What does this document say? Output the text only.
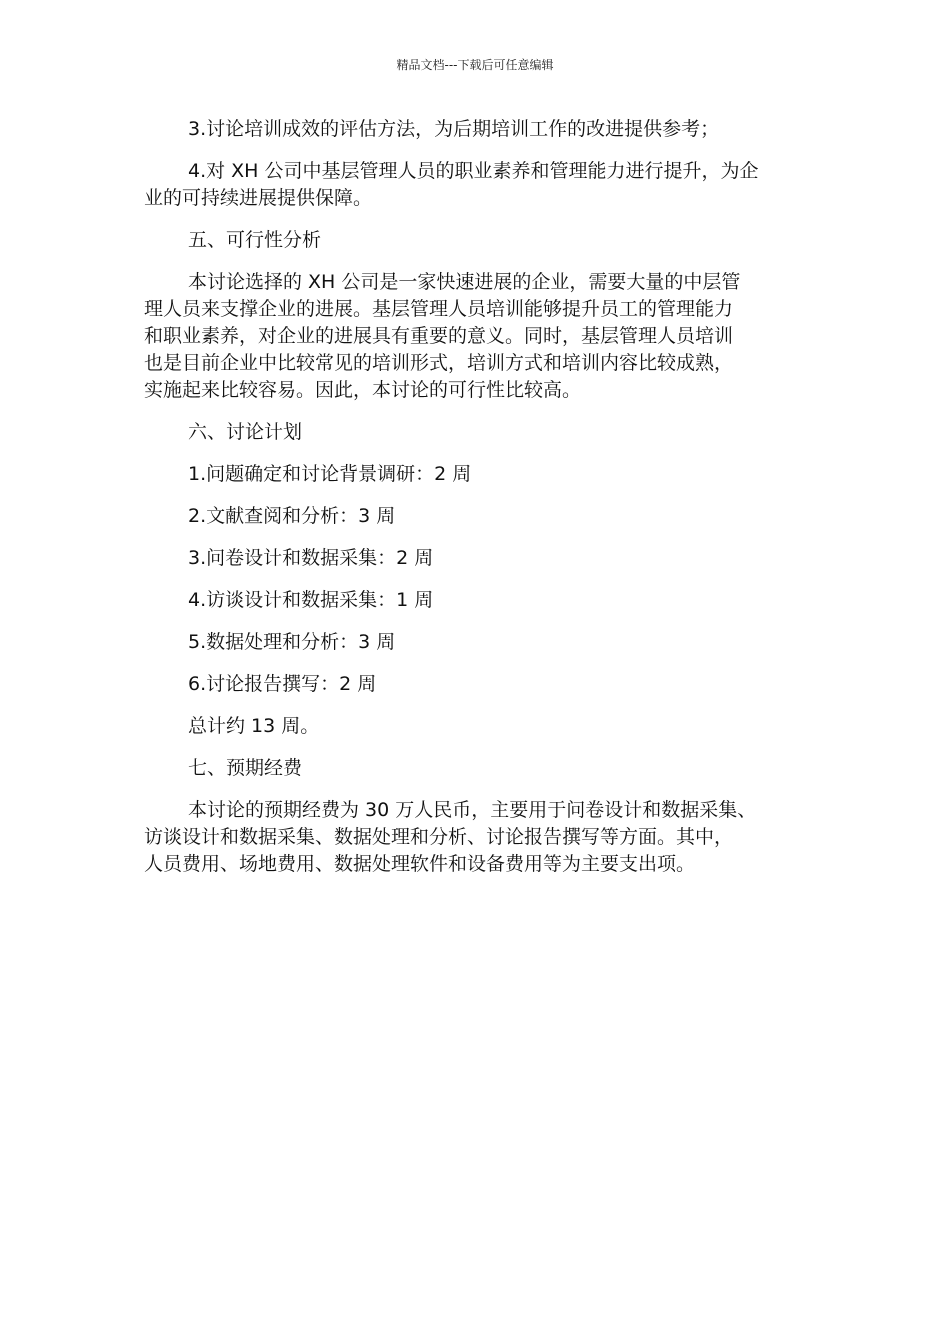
精品文档---下载后可任意编辑

3.讨论培训成效的评估方法，为后期培训工作的改进提供参考；

4.对 XH 公司中基层管理人员的职业素养和管理能力进行提升，为企
业的可持续进展提供保障。

五、可行性分析

本讨论选择的 XH 公司是一家快速进展的企业，需要大量的中层管
理人员来支撑企业的进展。基层管理人员培训能够提升员工的管理能力
和职业素养，对企业的进展具有重要的意义。同时，基层管理人员培训
也是目前企业中比较常见的培训形式，培训方式和培训内容比较成熟，
实施起来比较容易。因此，本讨论的可行性比较高。

六、讨论计划

1.问题确定和讨论背景调研：2 周

2.文献查阅和分析：3 周

3.问卷设计和数据采集：2 周

4.访谈设计和数据采集：1 周

5.数据处理和分析：3 周

6.讨论报告撰写：2 周

总计约 13 周。

七、预期经费

本讨论的预期经费为 30 万人民币，主要用于问卷设计和数据采集、
访谈设计和数据采集、数据处理和分析、讨论报告撰写等方面。其中，
人员费用、场地费用、数据处理软件和设备费用等为主要支出项。
